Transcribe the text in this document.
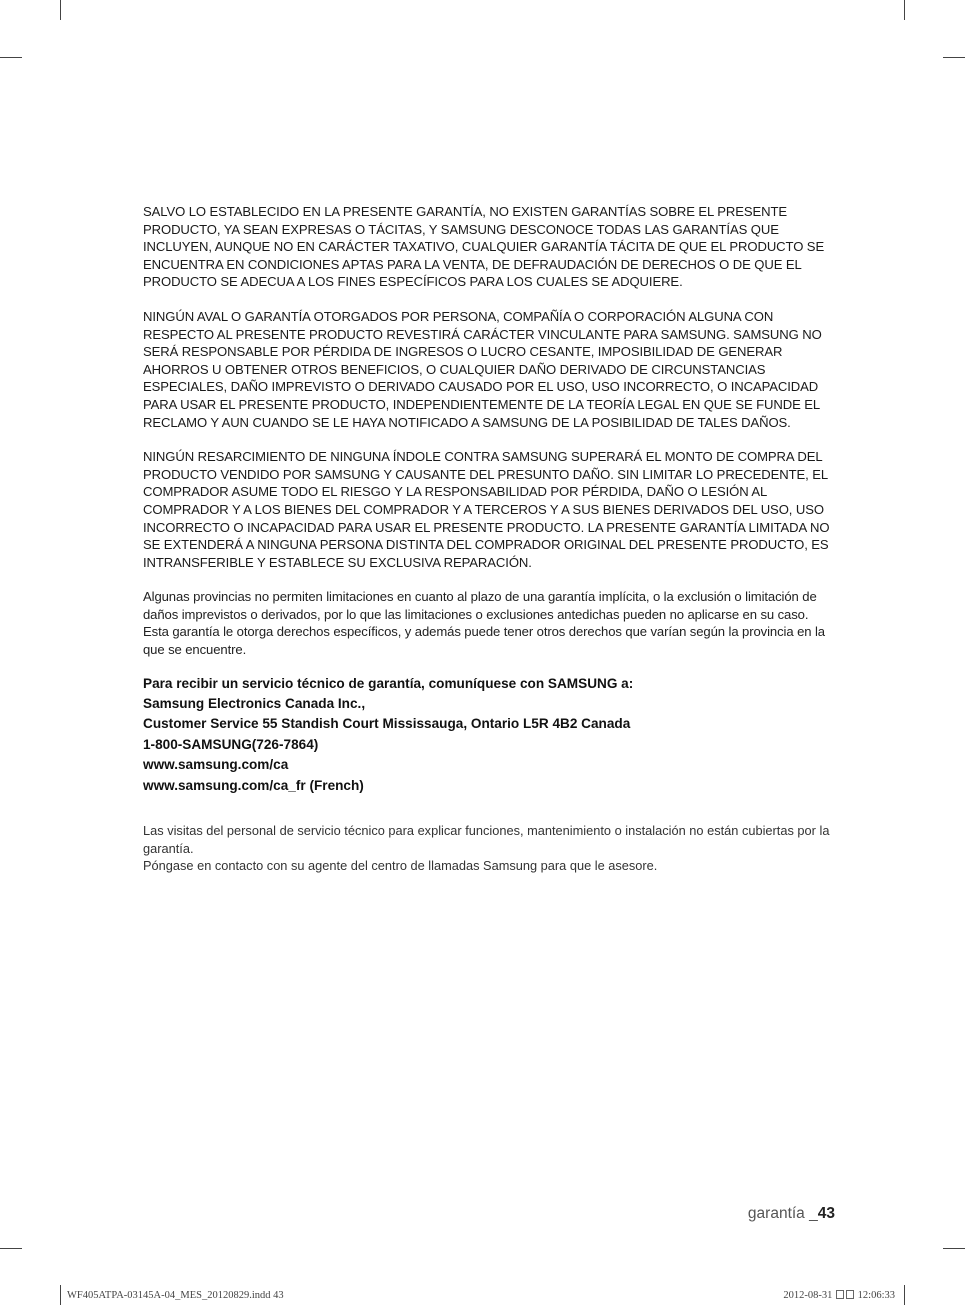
SALVO LO ESTABLECIDO EN LA PRESENTE GARANTÍA, NO EXISTEN GARANTÍAS SOBRE EL PRESENTE PRODUCTO, YA SEAN EXPRESAS O TÁCITAS, Y SAMSUNG DESCONOCE TODAS LAS GARANTÍAS QUE INCLUYEN, AUNQUE NO EN CARÁCTER TAXATIVO, CUALQUIER GARANTÍA TÁCITA DE QUE EL PRODUCTO SE ENCUENTRA EN CONDICIONES APTAS PARA LA VENTA, DE DEFRAUDACIÓN DE DERECHOS O DE QUE EL PRODUCTO SE ADECUA A LOS FINES ESPECÍFICOS PARA LOS CUALES SE ADQUIERE.

NINGÚN AVAL O GARANTÍA OTORGADOS POR PERSONA, COMPAÑÍA O CORPORACIÓN ALGUNA CON RESPECTO AL PRESENTE PRODUCTO REVESTIRÁ CARÁCTER VINCULANTE PARA SAMSUNG. SAMSUNG NO SERÁ RESPONSABLE POR PÉRDIDA DE INGRESOS O LUCRO CESANTE, IMPOSIBILIDAD DE GENERAR AHORROS U OBTENER OTROS BENEFICIOS, O CUALQUIER DAÑO DERIVADO DE CIRCUNSTANCIAS ESPECIALES, DAÑO IMPREVISTO O DERIVADO CAUSADO POR EL USO, USO INCORRECTO, O INCAPACIDAD PARA USAR EL PRESENTE PRODUCTO, INDEPENDIENTEMENTE DE LA TEORÍA LEGAL EN QUE SE FUNDE EL RECLAMO Y AUN CUANDO SE LE HAYA NOTIFICADO A SAMSUNG DE LA POSIBILIDAD DE TALES DAÑOS.

NINGÚN RESARCIMIENTO DE NINGUNA ÍNDOLE CONTRA SAMSUNG SUPERARÁ EL MONTO DE COMPRA DEL PRODUCTO VENDIDO POR SAMSUNG Y CAUSANTE DEL PRESUNTO DAÑO. SIN LIMITAR LO PRECEDENTE, EL COMPRADOR ASUME TODO EL RIESGO Y LA RESPONSABILIDAD POR PÉRDIDA, DAÑO O LESIÓN AL COMPRADOR Y A LOS BIENES DEL COMPRADOR Y A TERCEROS Y A SUS BIENES DERIVADOS DEL USO, USO INCORRECTO O INCAPACIDAD PARA USAR EL PRESENTE PRODUCTO. LA PRESENTE GARANTÍA LIMITADA NO SE EXTENDERÁ A NINGUNA PERSONA DISTINTA DEL COMPRADOR ORIGINAL DEL PRESENTE PRODUCTO, ES INTRANSFERIBLE Y ESTABLECE SU EXCLUSIVA REPARACIÓN.

Algunas provincias no permiten limitaciones en cuanto al plazo de una garantía implícita, o la exclusión o limitación de daños imprevistos o derivados, por lo que las limitaciones o exclusiones antedichas pueden no aplicarse en su caso. Esta garantía le otorga derechos específicos, y además puede tener otros derechos que varían según la provincia en la que se encuentre.

Para recibir un servicio técnico de garantía, comuníquese con SAMSUNG a:
Samsung Electronics Canada Inc.,
Customer Service 55 Standish Court Mississauga, Ontario L5R 4B2 Canada
1-800-SAMSUNG(726-7864)
www.samsung.com/ca
www.samsung.com/ca_fr (French)

Las visitas del personal de servicio técnico para explicar funciones, mantenimiento o instalación no están cubiertas por la garantía.
Póngase en contacto con su agente del centro de llamadas Samsung para que le asesore.

garantía _43
WF405ATPA-03145A-04_MES_20120829.indd 43	2012-08-31 12:06:33
